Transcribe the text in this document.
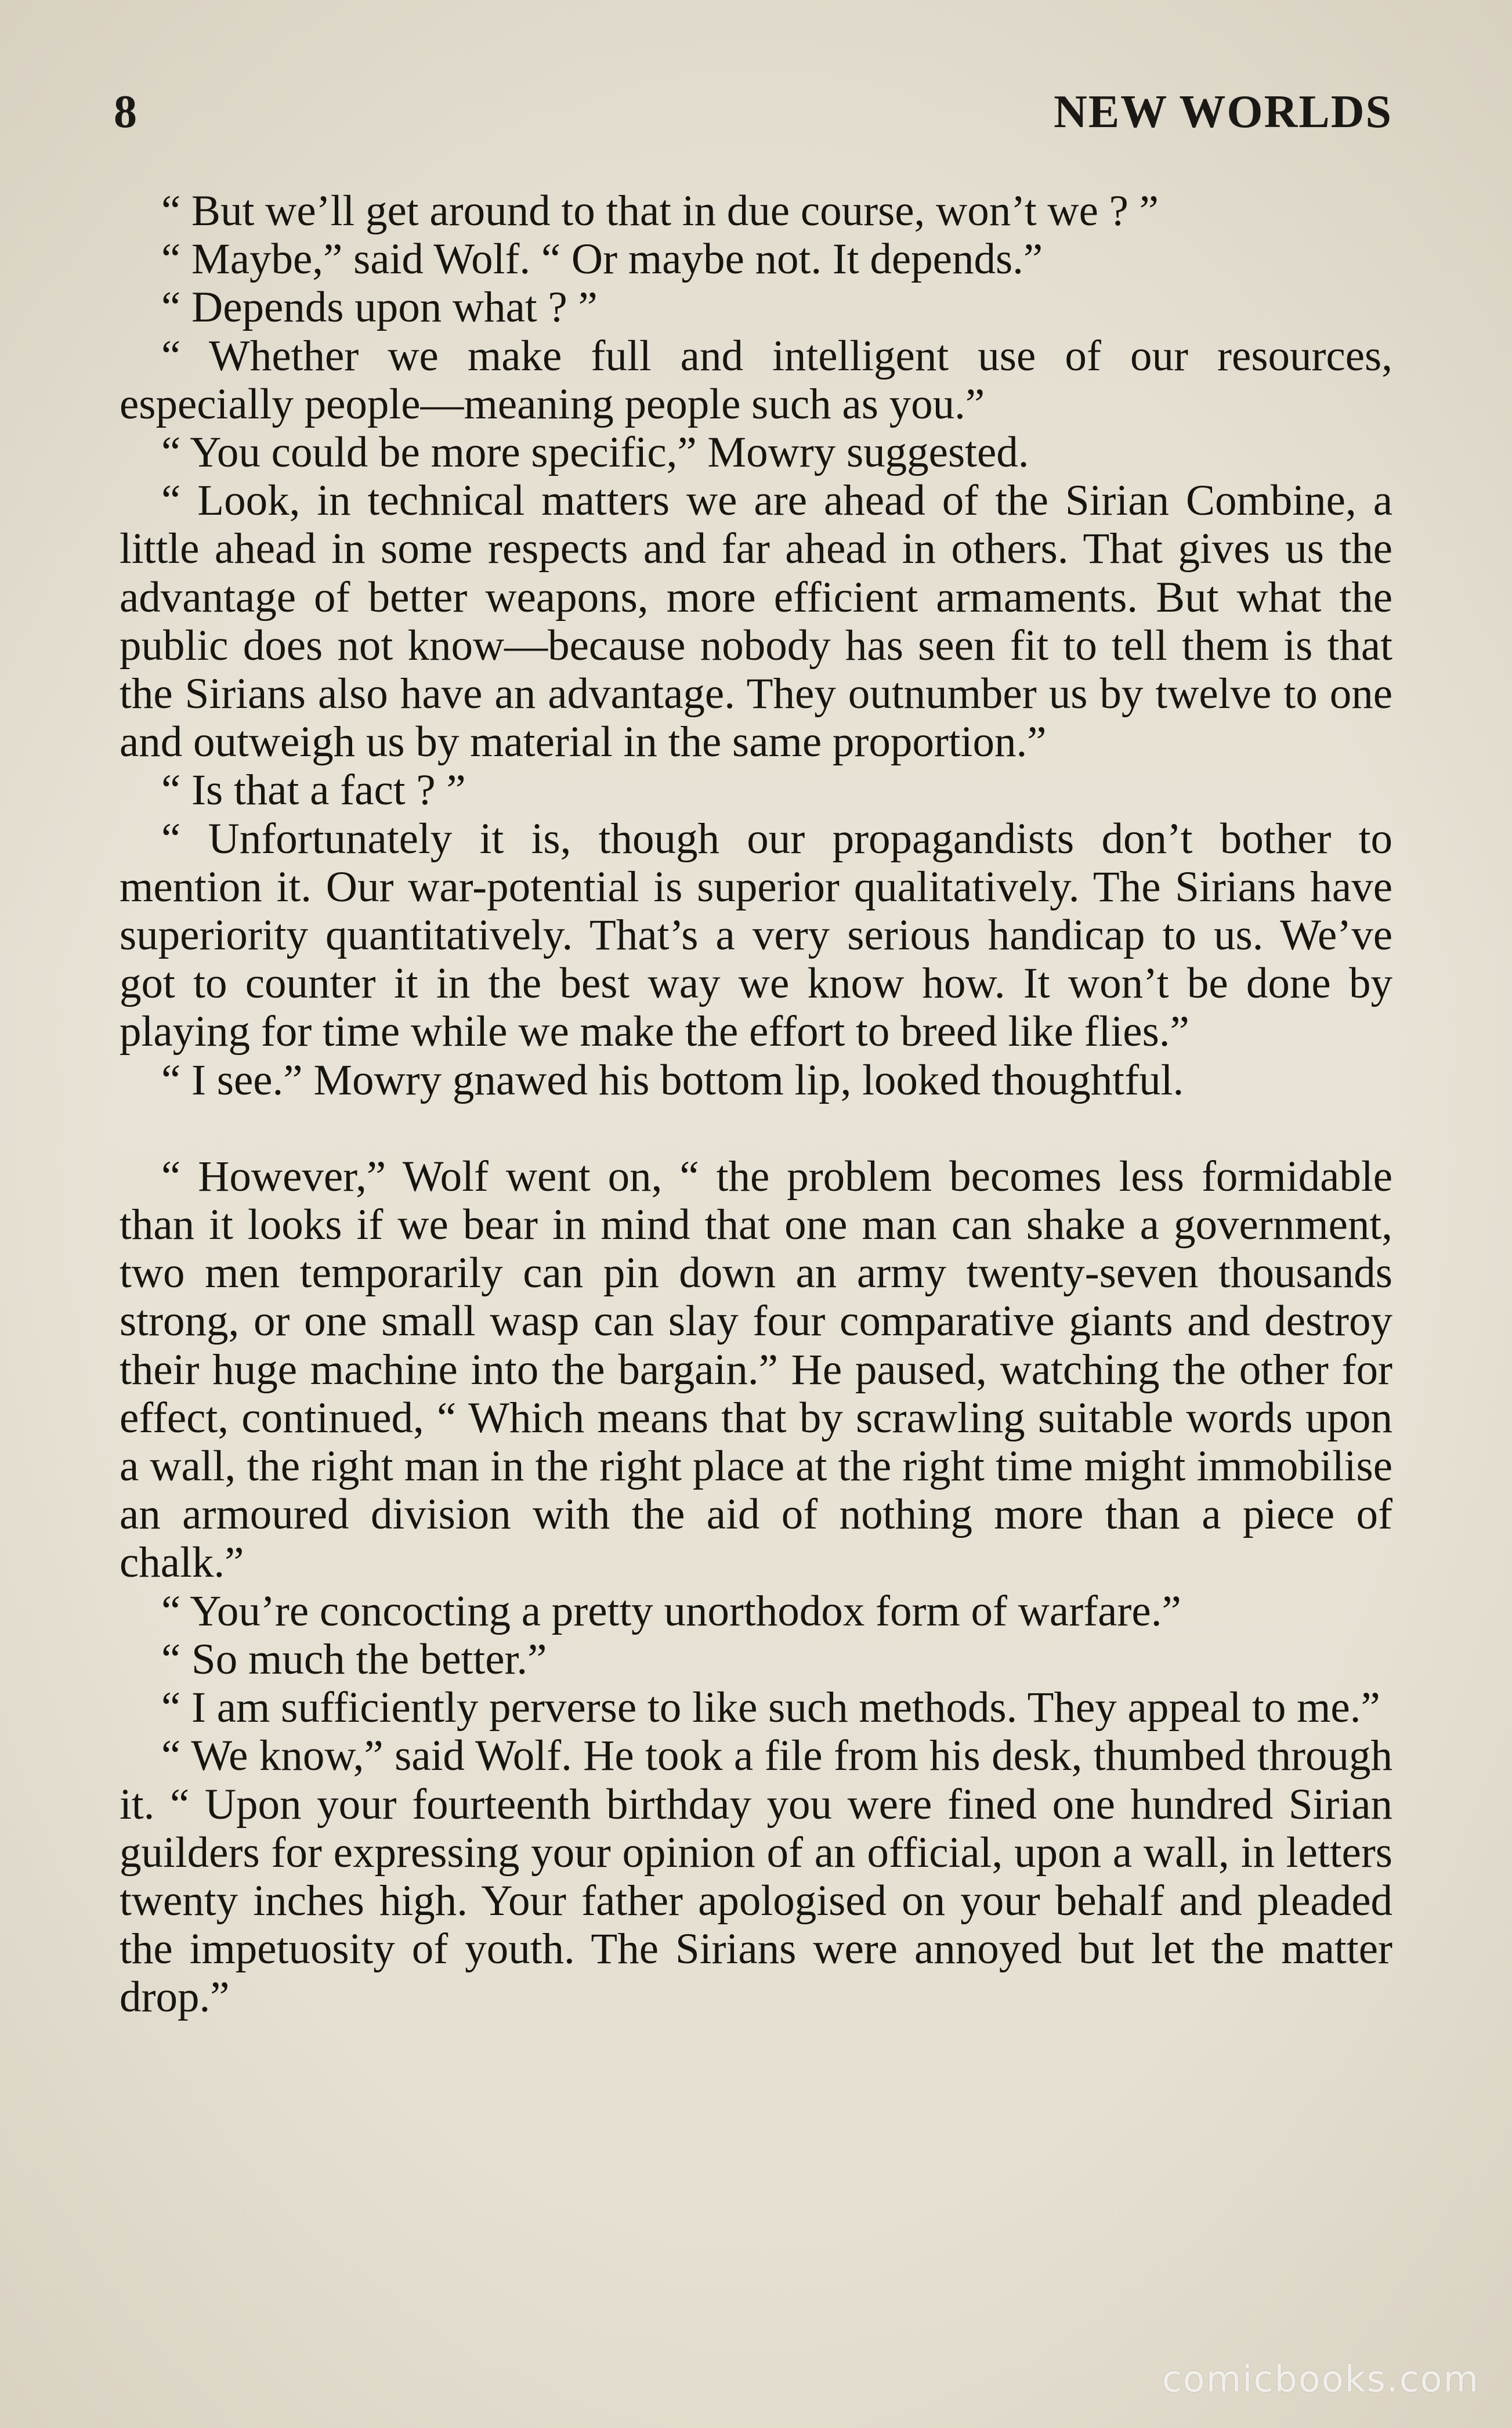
8	NEW WORLDS

“ But we’ll get around to that in due course, won’t we ? ”

“ Maybe,” said Wolf. “ Or maybe not. It depends.”

“ Depends upon what ? ”

“ Whether we make full and intelligent use of our resources, especially people—meaning people such as you.”

“ You could be more specific,” Mowry suggested.

“ Look, in technical matters we are ahead of the Sirian Combine, a little ahead in some respects and far ahead in others. That gives us the advantage of better weapons, more efficient armaments. But what the public does not know—because nobody has seen fit to tell them is that the Sirians also have an advantage. They outnumber us by twelve to one and outweigh us by material in the same proportion.”

“ Is that a fact ? ”

“ Unfortunately it is, though our propagandists don’t bother to mention it. Our war-potential is superior qualitatively. The Sirians have superiority quantitatively. That’s a very serious handicap to us. We’ve got to counter it in the best way we know how. It won’t be done by playing for time while we make the effort to breed like flies.”

“ I see.” Mowry gnawed his bottom lip, looked thoughtful.

“ However,” Wolf went on, “ the problem becomes less formidable than it looks if we bear in mind that one man can shake a government, two men temporarily can pin down an army twenty-seven thousands strong, or one small wasp can slay four comparative giants and destroy their huge machine into the bargain.” He paused, watching the other for effect, continued, “ Which means that by scrawling suitable words upon a wall, the right man in the right place at the right time might immobilise an armoured division with the aid of nothing more than a piece of chalk.”

“ You’re concocting a pretty unorthodox form of warfare.”

“ So much the better.”

“ I am sufficiently perverse to like such methods. They appeal to me.”

“ We know,” said Wolf. He took a file from his desk, thumbed through it. “ Upon your fourteenth birthday you were fined one hundred Sirian guilders for expressing your opinion of an official, upon a wall, in letters twenty inches high. Your father apologised on your behalf and pleaded the impetuosity of youth. The Sirians were annoyed but let the matter drop.”

comicbooks.com
